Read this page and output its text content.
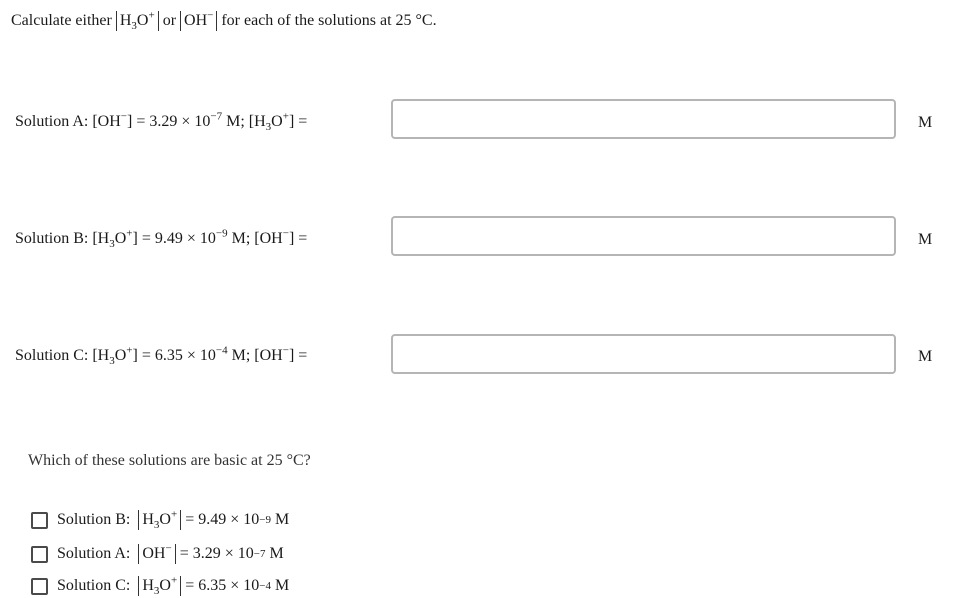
Calculate either $H_3O^+$ or OH− for each of the solutions at 25 °C.
Solution A: $[OH^-] = 3.29 \times 10^{-7}$ M; $[H_3O^+]$ =	M
Solution B: $[H_3O^+] = 9.49 \times 10^{-9}$ M; [OH−] =	M
Solution C: $[H_3O^+] = 6.35 \times 10^{-4}$ M; [OH−] =	M
Which of these solutions are basic at 25 °C?
Solution B:
$H_3O^+$
= 9.49 × 10 −9
M
Solution A:
OH−
= 3.29 × 10 −7
M
Solution C:
$H_3O^+$
= 6.35 × 10 −4
M
